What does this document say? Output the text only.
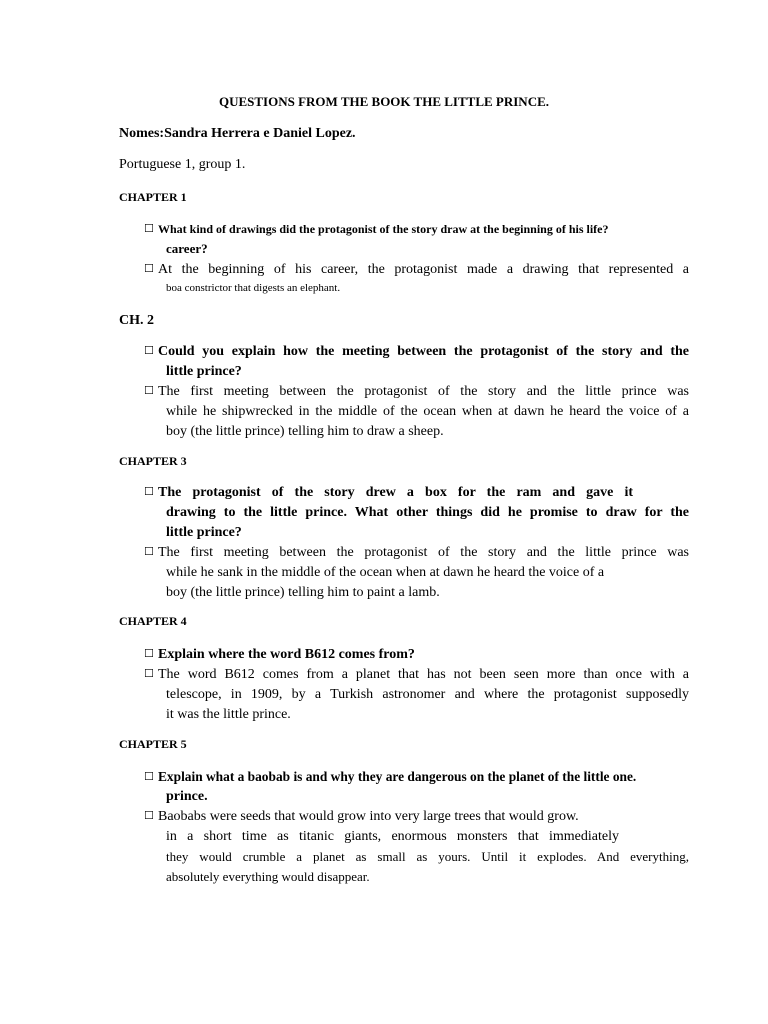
QUESTIONS FROM THE BOOK THE LITTLE PRINCE.
Nomes:Sandra Herrera e Daniel Lopez.
Portuguese 1, group 1.
CHAPTER 1
☐ What kind of drawings did the protagonist of the story draw at the beginning of his life?
career?
☐ At the beginning of his career, the protagonist made a drawing that represented a
boa constrictor that digests an elephant.
CH. 2
☐ Could you explain how the meeting between the protagonist of the story and the
little prince?
☐ The first meeting between the protagonist of the story and the little prince was
while he shipwrecked in the middle of the ocean when at dawn he heard the voice of a
boy (the little prince) telling him to draw a sheep.
CHAPTER 3
☐ The protagonist of the story drew a box for the ram and gave it
drawing to the little prince. What other things did he promise to draw for the
little prince?
☐ The first meeting between the protagonist of the story and the little prince was
while he sank in the middle of the ocean when at dawn he heard the voice of a
boy (the little prince) telling him to paint a lamb.
CHAPTER 4
☐ Explain where the word B612 comes from?
☐ The word B612 comes from a planet that has not been seen more than once with a
telescope, in 1909, by a Turkish astronomer and where the protagonist supposedly
it was the little prince.
CHAPTER 5
☐ Explain what a baobab is and why they are dangerous on the planet of the little one.
prince.
☐ Baobabs were seeds that would grow into very large trees that would grow.
in a short time as titanic giants, enormous monsters that immediately
they would crumble a planet as small as yours. Until it explodes. And everything,
absolutely everything would disappear.
